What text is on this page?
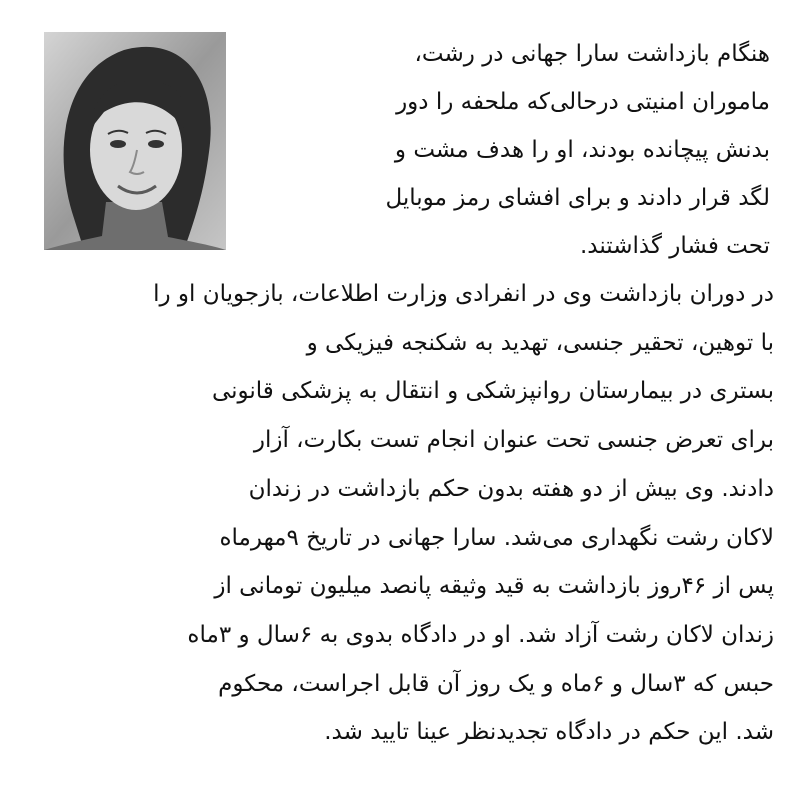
هنگام بازداشت سارا جهانی در رشت،
ماموران امنیتی درحالی‌که ملحفه را دور
بدنش پیچانده بودند، او را هدف مشت و
لگد قرار دادند و برای افشای رمز موبایل
تحت فشار گذاشتند.
در دوران بازداشت وی در انفرادی وزارت اطلاعات، بازجویان او را
با توهین، تحقیر جنسی، تهدید به شکنجه فیزیکی و
بستری در بیمارستان روانپزشکی و انتقال به پزشکی قانونی
برای تعرض جنسی تحت عنوان انجام تست بکارت، آزار
دادند. وی بیش از دو هفته بدون حکم بازداشت در زندان
لاکان رشت نگهداری می‌شد. سارا جهانی در تاریخ ۹مهرماه
پس از ۴۶روز بازداشت به قید وثیقه پانصد میلیون تومانی از
زندان لاکان رشت آزاد شد. او در دادگاه بدوی به ۶سال و ۳ماه
حبس که ۳سال و ۶ماه و یک روز آن قابل اجراست، محکوم
شد. این حکم در دادگاه تجدیدنظر عینا تایید شد.
